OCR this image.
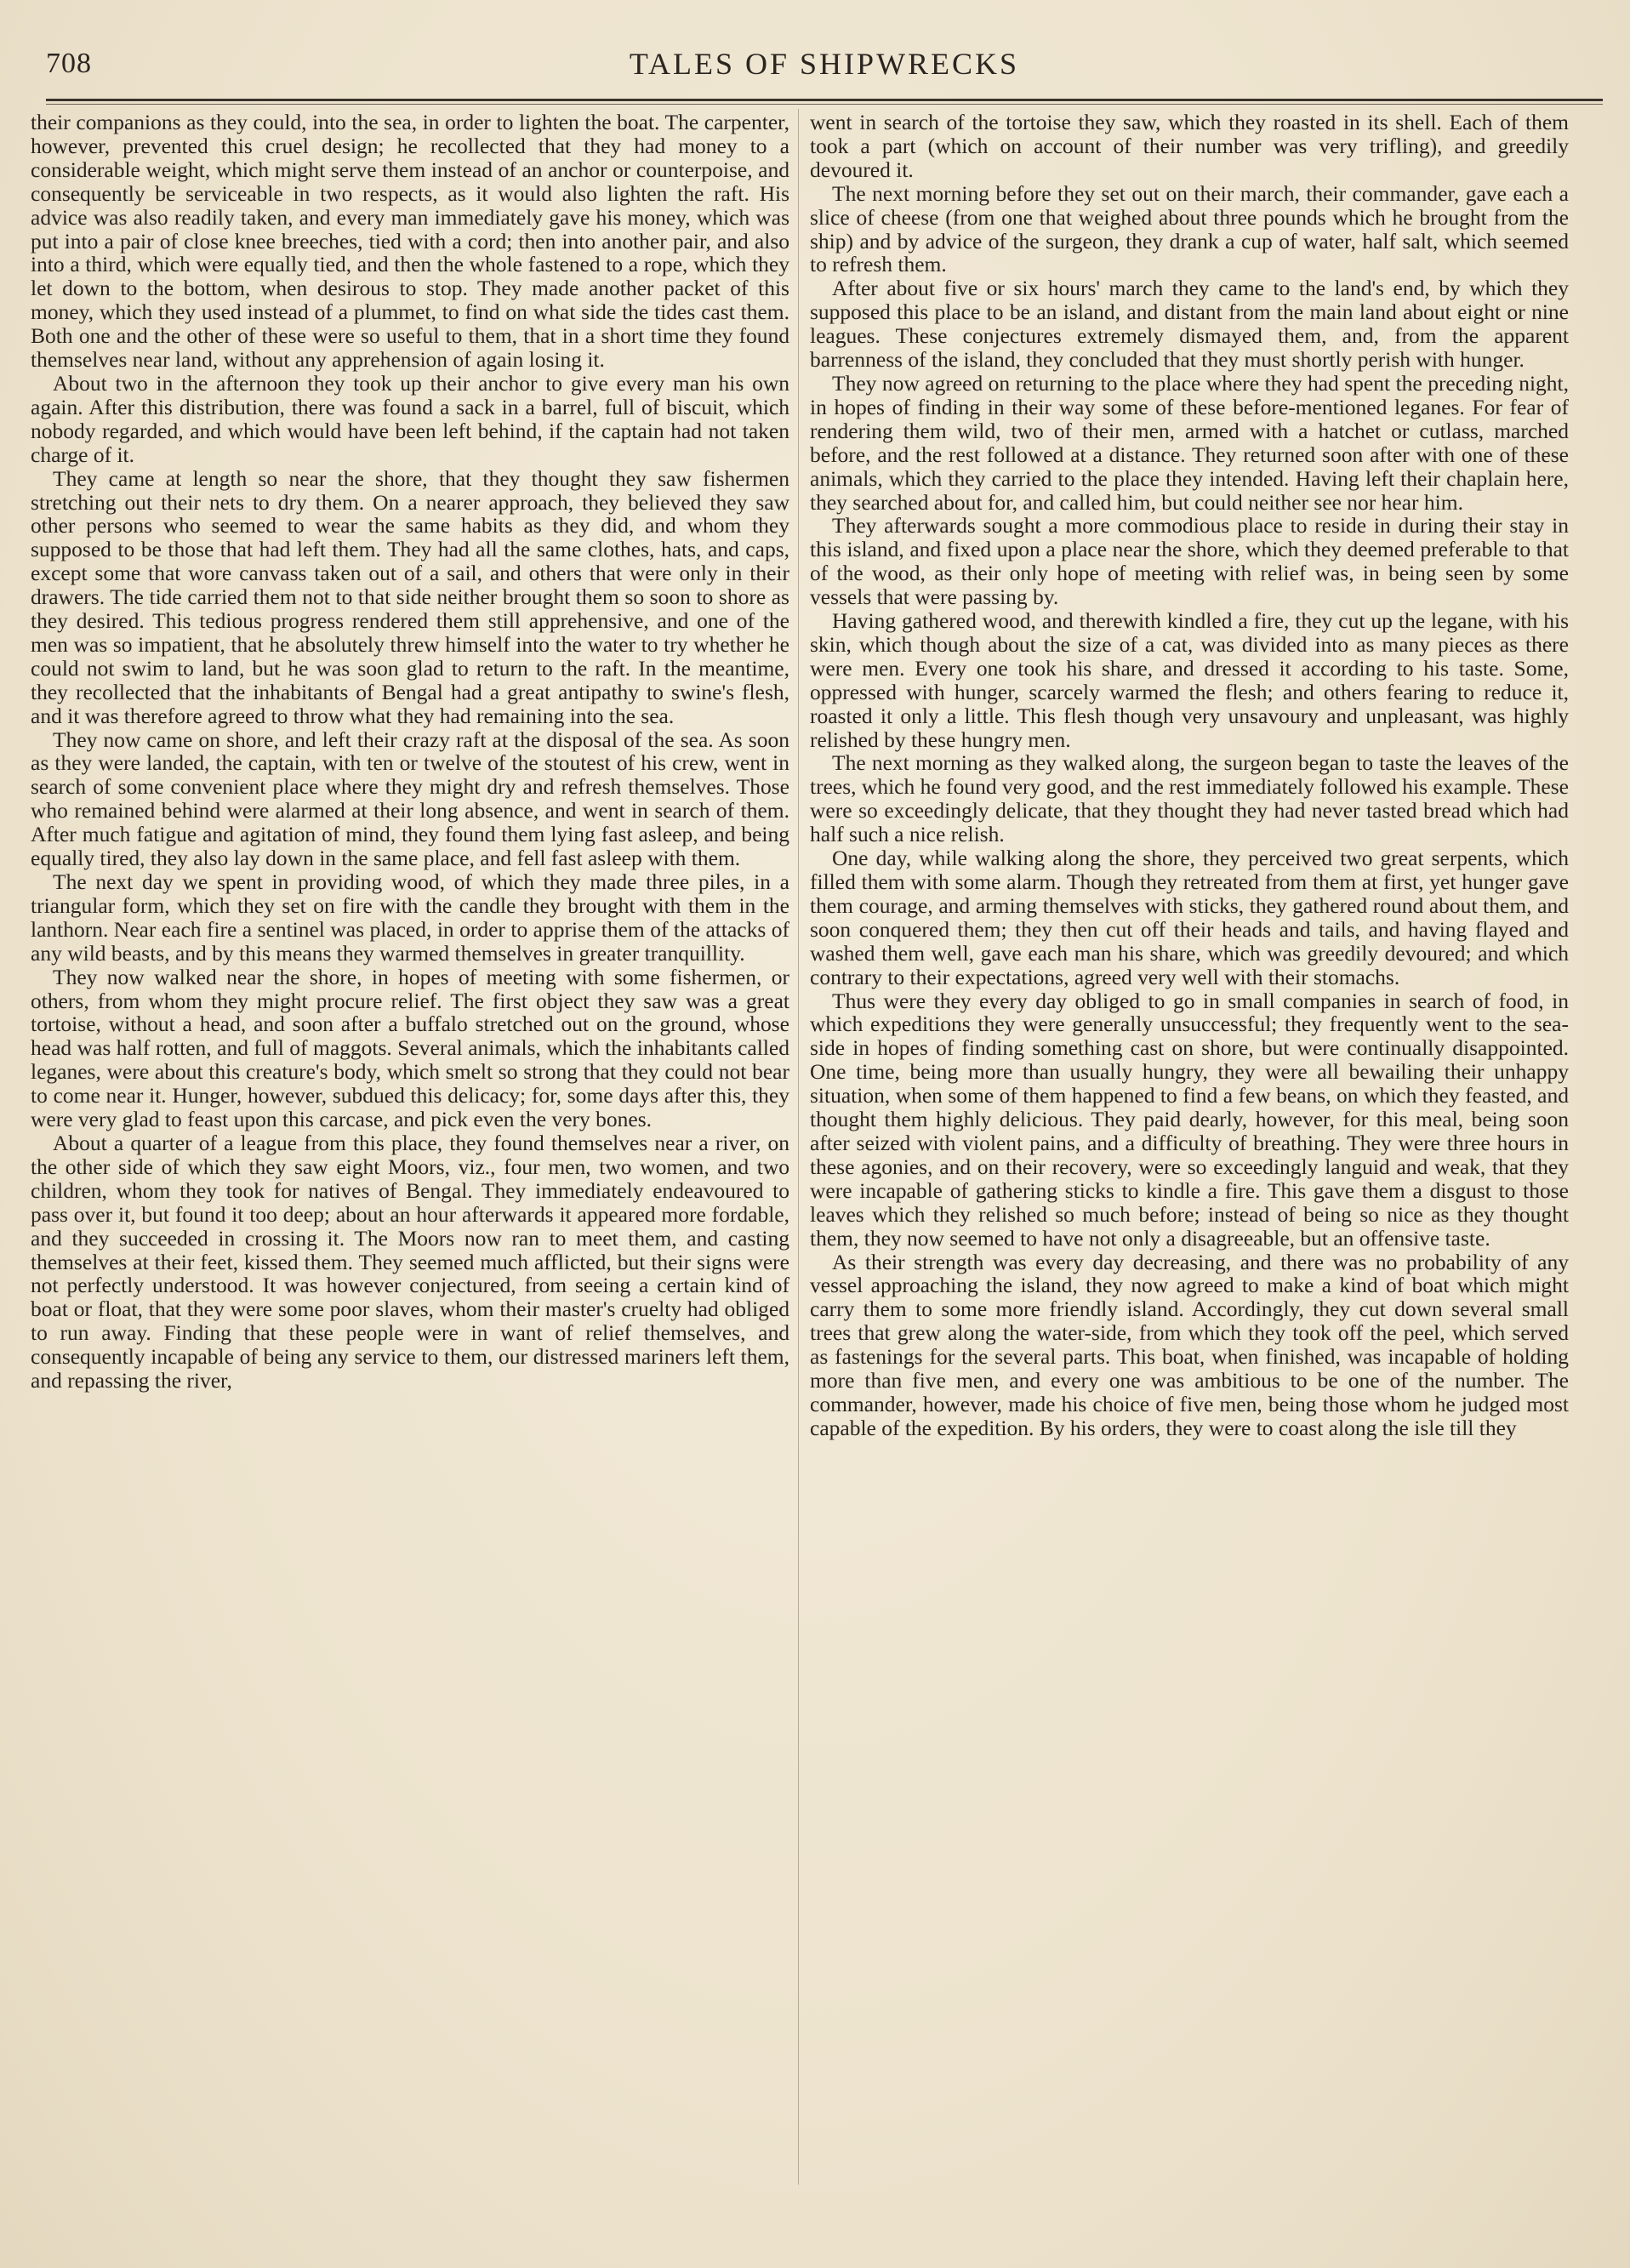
708	TALES OF SHIPWRECKS

their companions as they could, into the sea, in order to lighten the boat. The carpenter, however, prevented this cruel design; he recollected that they had money to a considerable weight, which might serve them instead of an anchor or counterpoise, and consequently be serviceable in two respects, as it would also lighten the raft. His advice was also readily taken, and every man immediately gave his money, which was put into a pair of close knee breeches, tied with a cord; then into another pair, and also into a third, which were equally tied, and then the whole fastened to a rope, which they let down to the bottom, when desirous to stop. They made another packet of this money, which they used instead of a plummet, to find on what side the tides cast them. Both one and the other of these were so useful to them, that in a short time they found themselves near land, without any apprehension of again losing it.

About two in the afternoon they took up their anchor to give every man his own again. After this distribution, there was found a sack in a barrel, full of biscuit, which nobody regarded, and which would have been left behind, if the captain had not taken charge of it.

They came at length so near the shore, that they thought they saw fishermen stretching out their nets to dry them. On a nearer approach, they believed they saw other persons who seemed to wear the same habits as they did, and whom they supposed to be those that had left them. They had all the same clothes, hats, and caps, except some that wore canvass taken out of a sail, and others that were only in their drawers. The tide carried them not to that side neither brought them so soon to shore as they desired. This tedious progress rendered them still apprehensive, and one of the men was so impatient, that he absolutely threw himself into the water to try whether he could not swim to land, but he was soon glad to return to the raft. In the meantime, they recollected that the inhabitants of Bengal had a great antipathy to swine's flesh, and it was therefore agreed to throw what they had remaining into the sea.

They now came on shore, and left their crazy raft at the disposal of the sea. As soon as they were landed, the captain, with ten or twelve of the stoutest of his crew, went in search of some convenient place where they might dry and refresh themselves. Those who remained behind were alarmed at their long absence, and went in search of them. After much fatigue and agitation of mind, they found them lying fast asleep, and being equally tired, they also lay down in the same place, and fell fast asleep with them.

The next day we spent in providing wood, of which they made three piles, in a triangular form, which they set on fire with the candle they brought with them in the lanthorn. Near each fire a sentinel was placed, in order to apprise them of the attacks of any wild beasts, and by this means they warmed themselves in greater tranquillity.

They now walked near the shore, in hopes of meeting with some fishermen, or others, from whom they might procure relief. The first object they saw was a great tortoise, without a head, and soon after a buffalo stretched out on the ground, whose head was half rotten, and full of maggots. Several animals, which the inhabitants called leganes, were about this creature's body, which smelt so strong that they could not bear to come near it. Hunger, however, subdued this delicacy; for, some days after this, they were very glad to feast upon this carcase, and pick even the very bones.

About a quarter of a league from this place, they found themselves near a river, on the other side of which they saw eight Moors, viz., four men, two women, and two children, whom they took for natives of Bengal. They immediately endeavoured to pass over it, but found it too deep; about an hour afterwards it appeared more fordable, and they succeeded in crossing it. The Moors now ran to meet them, and casting themselves at their feet, kissed them. They seemed much afflicted, but their signs were not perfectly understood. It was however conjectured, from seeing a certain kind of boat or float, that they were some poor slaves, whom their master's cruelty had obliged to run away. Finding that these people were in want of relief themselves, and consequently incapable of being any service to them, our distressed mariners left them, and repassing the river,

went in search of the tortoise they saw, which they roasted in its shell. Each of them took a part (which on account of their number was very trifling), and greedily devoured it.

The next morning before they set out on their march, their commander, gave each a slice of cheese (from one that weighed about three pounds which he brought from the ship) and by advice of the surgeon, they drank a cup of water, half salt, which seemed to refresh them.

After about five or six hours' march they came to the land's end, by which they supposed this place to be an island, and distant from the main land about eight or nine leagues. These conjectures extremely dismayed them, and, from the apparent barrenness of the island, they concluded that they must shortly perish with hunger.

They now agreed on returning to the place where they had spent the preceding night, in hopes of finding in their way some of these before-mentioned leganes. For fear of rendering them wild, two of their men, armed with a hatchet or cutlass, marched before, and the rest followed at a distance. They returned soon after with one of these animals, which they carried to the place they intended. Having left their chaplain here, they searched about for, and called him, but could neither see nor hear him.

They afterwards sought a more commodious place to reside in during their stay in this island, and fixed upon a place near the shore, which they deemed preferable to that of the wood, as their only hope of meeting with relief was, in being seen by some vessels that were passing by.

Having gathered wood, and therewith kindled a fire, they cut up the legane, with his skin, which though about the size of a cat, was divided into as many pieces as there were men. Every one took his share, and dressed it according to his taste. Some, oppressed with hunger, scarcely warmed the flesh; and others fearing to reduce it, roasted it only a little. This flesh though very unsavoury and unpleasant, was highly relished by these hungry men.

The next morning as they walked along, the surgeon began to taste the leaves of the trees, which he found very good, and the rest immediately followed his example. These were so exceedingly delicate, that they thought they had never tasted bread which had half such a nice relish.

One day, while walking along the shore, they perceived two great serpents, which filled them with some alarm. Though they retreated from them at first, yet hunger gave them courage, and arming themselves with sticks, they gathered round about them, and soon conquered them; they then cut off their heads and tails, and having flayed and washed them well, gave each man his share, which was greedily devoured; and which contrary to their expectations, agreed very well with their stomachs.

Thus were they every day obliged to go in small companies in search of food, in which expeditions they were generally unsuccessful; they frequently went to the sea-side in hopes of finding something cast on shore, but were continually disappointed. One time, being more than usually hungry, they were all bewailing their unhappy situation, when some of them happened to find a few beans, on which they feasted, and thought them highly delicious. They paid dearly, however, for this meal, being soon after seized with violent pains, and a difficulty of breathing. They were three hours in these agonies, and on their recovery, were so exceedingly languid and weak, that they were incapable of gathering sticks to kindle a fire. This gave them a disgust to those leaves which they relished so much before; instead of being so nice as they thought them, they now seemed to have not only a disagreeable, but an offensive taste.

As their strength was every day decreasing, and there was no probability of any vessel approaching the island, they now agreed to make a kind of boat which might carry them to some more friendly island. Accordingly, they cut down several small trees that grew along the water-side, from which they took off the peel, which served as fastenings for the several parts. This boat, when finished, was incapable of holding more than five men, and every one was ambitious to be one of the number. The commander, however, made his choice of five men, being those whom he judged most capable of the expedition. By his orders, they were to coast along the isle till they
